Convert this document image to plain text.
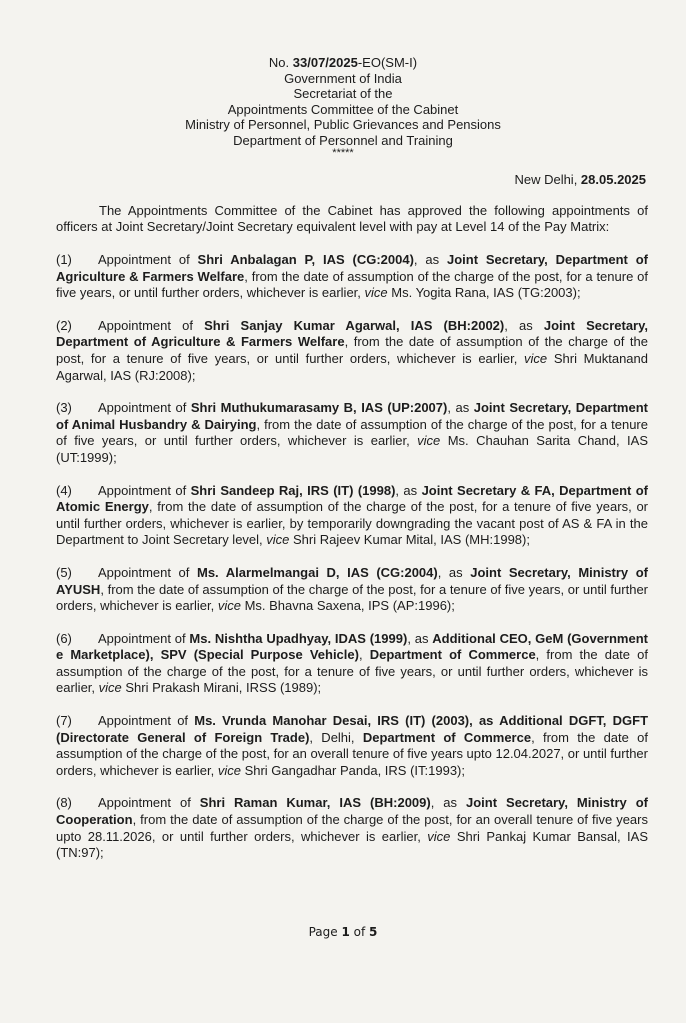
No. 33/07/2025-EO(SM-I)
Government of India
Secretariat of the
Appointments Committee of the Cabinet
Ministry of Personnel, Public Grievances and Pensions
Department of Personnel and Training
*****
New Delhi, 28.05.2025
The Appointments Committee of the Cabinet has approved the following appointments of officers at Joint Secretary/Joint Secretary equivalent level with pay at Level 14 of the Pay Matrix:
(1) Appointment of Shri Anbalagan P, IAS (CG:2004), as Joint Secretary, Department of Agriculture & Farmers Welfare, from the date of assumption of the charge of the post, for a tenure of five years, or until further orders, whichever is earlier, vice Ms. Yogita Rana, IAS (TG:2003);
(2) Appointment of Shri Sanjay Kumar Agarwal, IAS (BH:2002), as Joint Secretary, Department of Agriculture & Farmers Welfare, from the date of assumption of the charge of the post, for a tenure of five years, or until further orders, whichever is earlier, vice Shri Muktanand Agarwal, IAS (RJ:2008);
(3) Appointment of Shri Muthukumarasamy B, IAS (UP:2007), as Joint Secretary, Department of Animal Husbandry & Dairying, from the date of assumption of the charge of the post, for a tenure of five years, or until further orders, whichever is earlier, vice Ms. Chauhan Sarita Chand, IAS (UT:1999);
(4) Appointment of Shri Sandeep Raj, IRS (IT) (1998), as Joint Secretary & FA, Department of Atomic Energy, from the date of assumption of the charge of the post, for a tenure of five years, or until further orders, whichever is earlier, by temporarily downgrading the vacant post of AS & FA in the Department to Joint Secretary level, vice Shri Rajeev Kumar Mital, IAS (MH:1998);
(5) Appointment of Ms. Alarmelmangai D, IAS (CG:2004), as Joint Secretary, Ministry of AYUSH, from the date of assumption of the charge of the post, for a tenure of five years, or until further orders, whichever is earlier, vice Ms. Bhavna Saxena, IPS (AP:1996);
(6) Appointment of Ms. Nishtha Upadhyay, IDAS (1999), as Additional CEO, GeM (Government e Marketplace), SPV (Special Purpose Vehicle), Department of Commerce, from the date of assumption of the charge of the post, for a tenure of five years, or until further orders, whichever is earlier, vice Shri Prakash Mirani, IRSS (1989);
(7) Appointment of Ms. Vrunda Manohar Desai, IRS (IT) (2003), as Additional DGFT, DGFT (Directorate General of Foreign Trade), Delhi, Department of Commerce, from the date of assumption of the charge of the post, for an overall tenure of five years upto 12.04.2027, or until further orders, whichever is earlier, vice Shri Gangadhar Panda, IRS (IT:1993);
(8) Appointment of Shri Raman Kumar, IAS (BH:2009), as Joint Secretary, Ministry of Cooperation, from the date of assumption of the charge of the post, for an overall tenure of five years upto 28.11.2026, or until further orders, whichever is earlier, vice Shri Pankaj Kumar Bansal, IAS (TN:97);
Page 1 of 5
